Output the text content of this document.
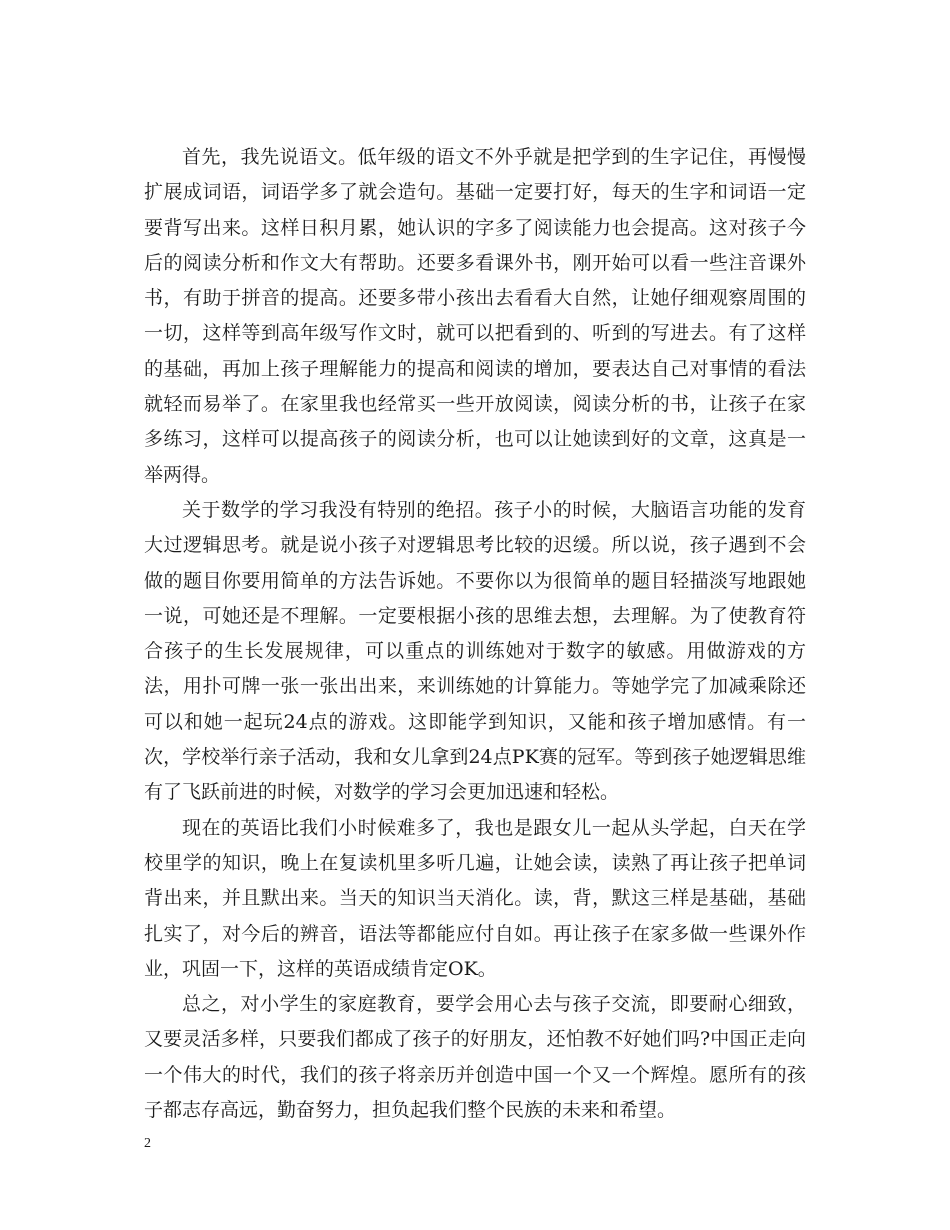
首先，我先说语文。低年级的语文不外乎就是把学到的生字记住，再慢慢扩展成词语，词语学多了就会造句。基础一定要打好，每天的生字和词语一定要背写出来。这样日积月累，她认识的字多了阅读能力也会提高。这对孩子今后的阅读分析和作文大有帮助。还要多看课外书，刚开始可以看一些注音课外书，有助于拼音的提高。还要多带小孩出去看看大自然，让她仔细观察周围的一切，这样等到高年级写作文时，就可以把看到的、听到的写进去。有了这样的基础，再加上孩子理解能力的提高和阅读的增加，要表达自己对事情的看法就轻而易举了。在家里我也经常买一些开放阅读，阅读分析的书，让孩子在家多练习，这样可以提高孩子的阅读分析，也可以让她读到好的文章，这真是一举两得。

关于数学的学习我没有特别的绝招。孩子小的时候，大脑语言功能的发育大过逻辑思考。就是说小孩子对逻辑思考比较的迟缓。所以说，孩子遇到不会做的题目你要用简单的方法告诉她。不要你以为很简单的题目轻描淡写地跟她一说，可她还是不理解。一定要根据小孩的思维去想，去理解。为了使教育符合孩子的生长发展规律，可以重点的训练她对于数字的敏感。用做游戏的方法，用扑可牌一张一张出出来，来训练她的计算能力。等她学完了加减乘除还可以和她一起玩24点的游戏。这即能学到知识，又能和孩子增加感情。有一次，学校举行亲子活动，我和女儿拿到24点PK赛的冠军。等到孩子她逻辑思维有了飞跃前进的时候，对数学的学习会更加迅速和轻松。

现在的英语比我们小时候难多了，我也是跟女儿一起从头学起，白天在学校里学的知识，晚上在复读机里多听几遍，让她会读，读熟了再让孩子把单词背出来，并且默出来。当天的知识当天消化。读，背，默这三样是基础，基础扎实了，对今后的辨音，语法等都能应付自如。再让孩子在家多做一些课外作业，巩固一下，这样的英语成绩肯定OK。

总之，对小学生的家庭教育，要学会用心去与孩子交流，即要耐心细致，又要灵活多样，只要我们都成了孩子的好朋友，还怕教不好她们吗?中国正走向一个伟大的时代，我们的孩子将亲历并创造中国一个又一个辉煌。愿所有的孩子都志存高远，勤奋努力，担负起我们整个民族的未来和希望。

2
